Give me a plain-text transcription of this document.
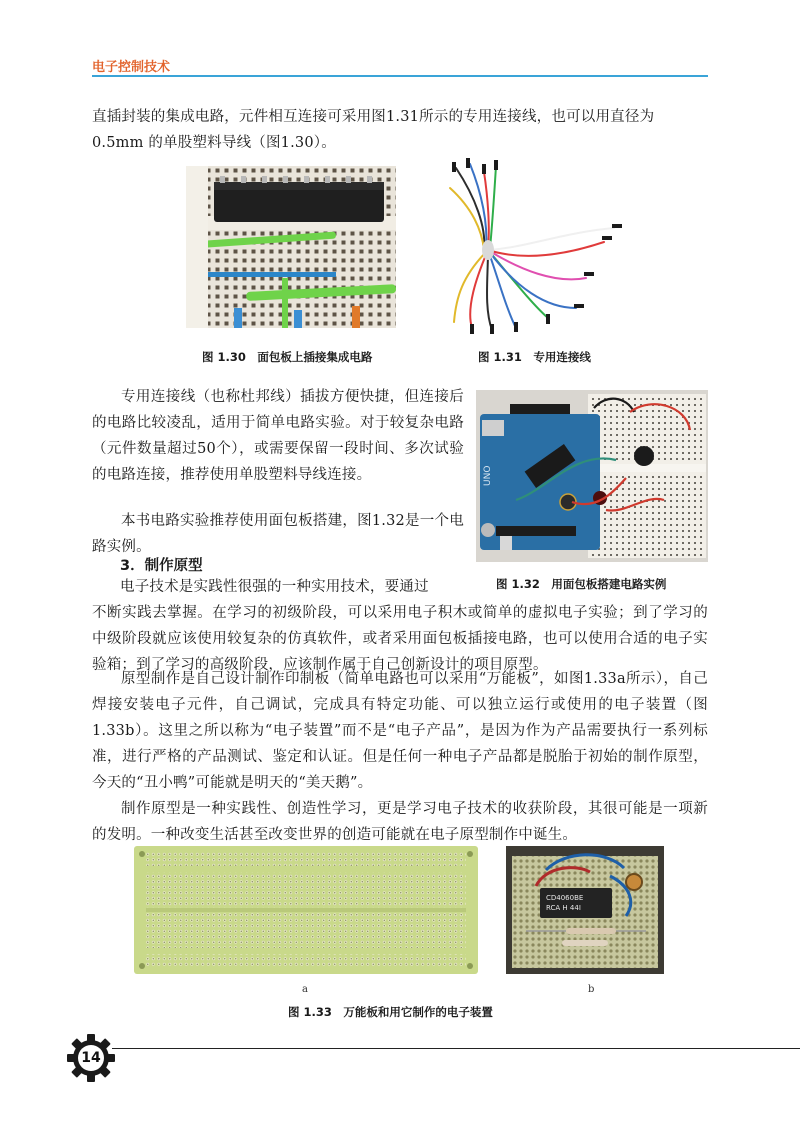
电子控制技术

直插封装的集成电路，元件相互连接可采用图1.31所示的专用连接线，也可以用直径为

0.5mm 的单股塑料导线（图1.30）。

图 1.30　面包板上插接集成电路	图 1.31　专用连接线

专用连接线（也称杜邦线）插拔方便快捷，但连接后的电路比较凌乱，适用于简单电路实验。对于较复杂电路（元件数量超过50个），或需要保留一段时间、多次试验的电路连接，推荐使用单股塑料导线连接。

本书电路实验推荐使用面包板搭建，图1.32是一个电路实例。

UNO
3．制作原型

电子技术是实践性很强的一种实用技术，要通过	图 1.32　用面包板搭建电路实例

不断实践去掌握。在学习的初级阶段，可以采用电子积木或简单的虚拟电子实验；到了学习的中级阶段就应该使用较复杂的仿真软件，或者采用面包板插接电路，也可以使用合适的电子实验箱；到了学习的高级阶段，应该制作属于自己创新设计的项目原型。

原型制作是自己设计制作印制板（简单电路也可以采用“万能板”，如图1.33a所示），自己焊接安装电子元件，自己调试，完成具有特定功能、可以独立运行或使用的电子装置（图1.33b）。这里之所以称为“电子装置”而不是“电子产品”，是因为作为产品需要执行一系列标准，进行严格的产品测试、鉴定和认证。但是任何一种电子产品都是脱胎于初始的制作原型，今天的“丑小鸭”可能就是明天的“美天鹅”。

制作原型是一种实践性、创造性学习，更是学习电子技术的收获阶段，其很可能是一项新的发明。一种改变生活甚至改变世界的创造可能就在电子原型制作中诞生。

CD4060BE
RCA H 44I
a	b
图 1.33　万能板和用它制作的电子装置
14
